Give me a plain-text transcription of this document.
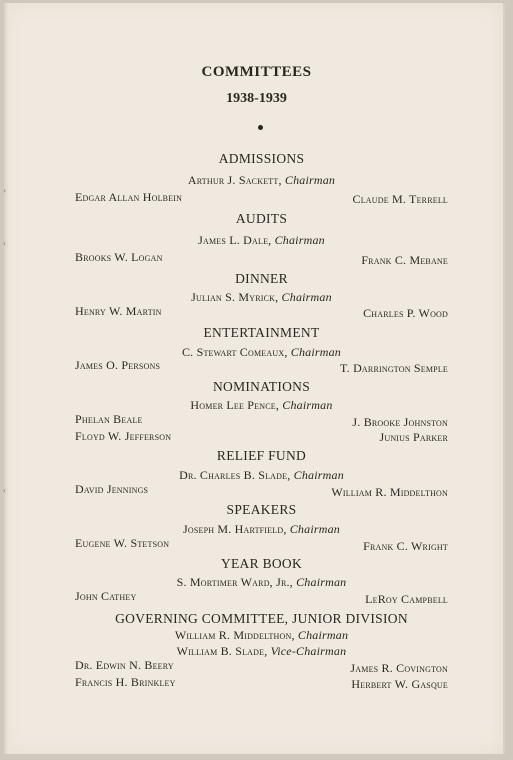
›
‹
‹
COMMITTEES
1938-1939
ADMISSIONS
Arthur J. Sackett, Chairman
Edgar Allan Holbein	Claude M. Terrell
AUDITS
James L. Dale, Chairman
Brooks W. Logan	Frank C. Mebane
DINNER
Julian S. Myrick, Chairman
Henry W. Martin	Charles P. Wood
ENTERTAINMENT
C. Stewart Comeaux, Chairman
James O. Persons	T. Darrington Semple
NOMINATIONS
Homer Lee Pence, Chairman
Phelan Beale	J. Brooke Johnston
Floyd W. Jefferson	Junius Parker
RELIEF FUND
Dr. Charles B. Slade, Chairman
David Jennings	William R. Middelthon
SPEAKERS
Joseph M. Hartfield, Chairman
Eugene W. Stetson	Frank C. Wright
YEAR BOOK
S. Mortimer Ward, Jr., Chairman
John Cathey	LeRoy Campbell
GOVERNING COMMITTEE, JUNIOR DIVISION
William R. Middelthon, Chairman
William B. Slade, Vice-Chairman
Dr. Edwin N. Beery	James R. Covington
Francis H. Brinkley	Herbert W. Gasque
